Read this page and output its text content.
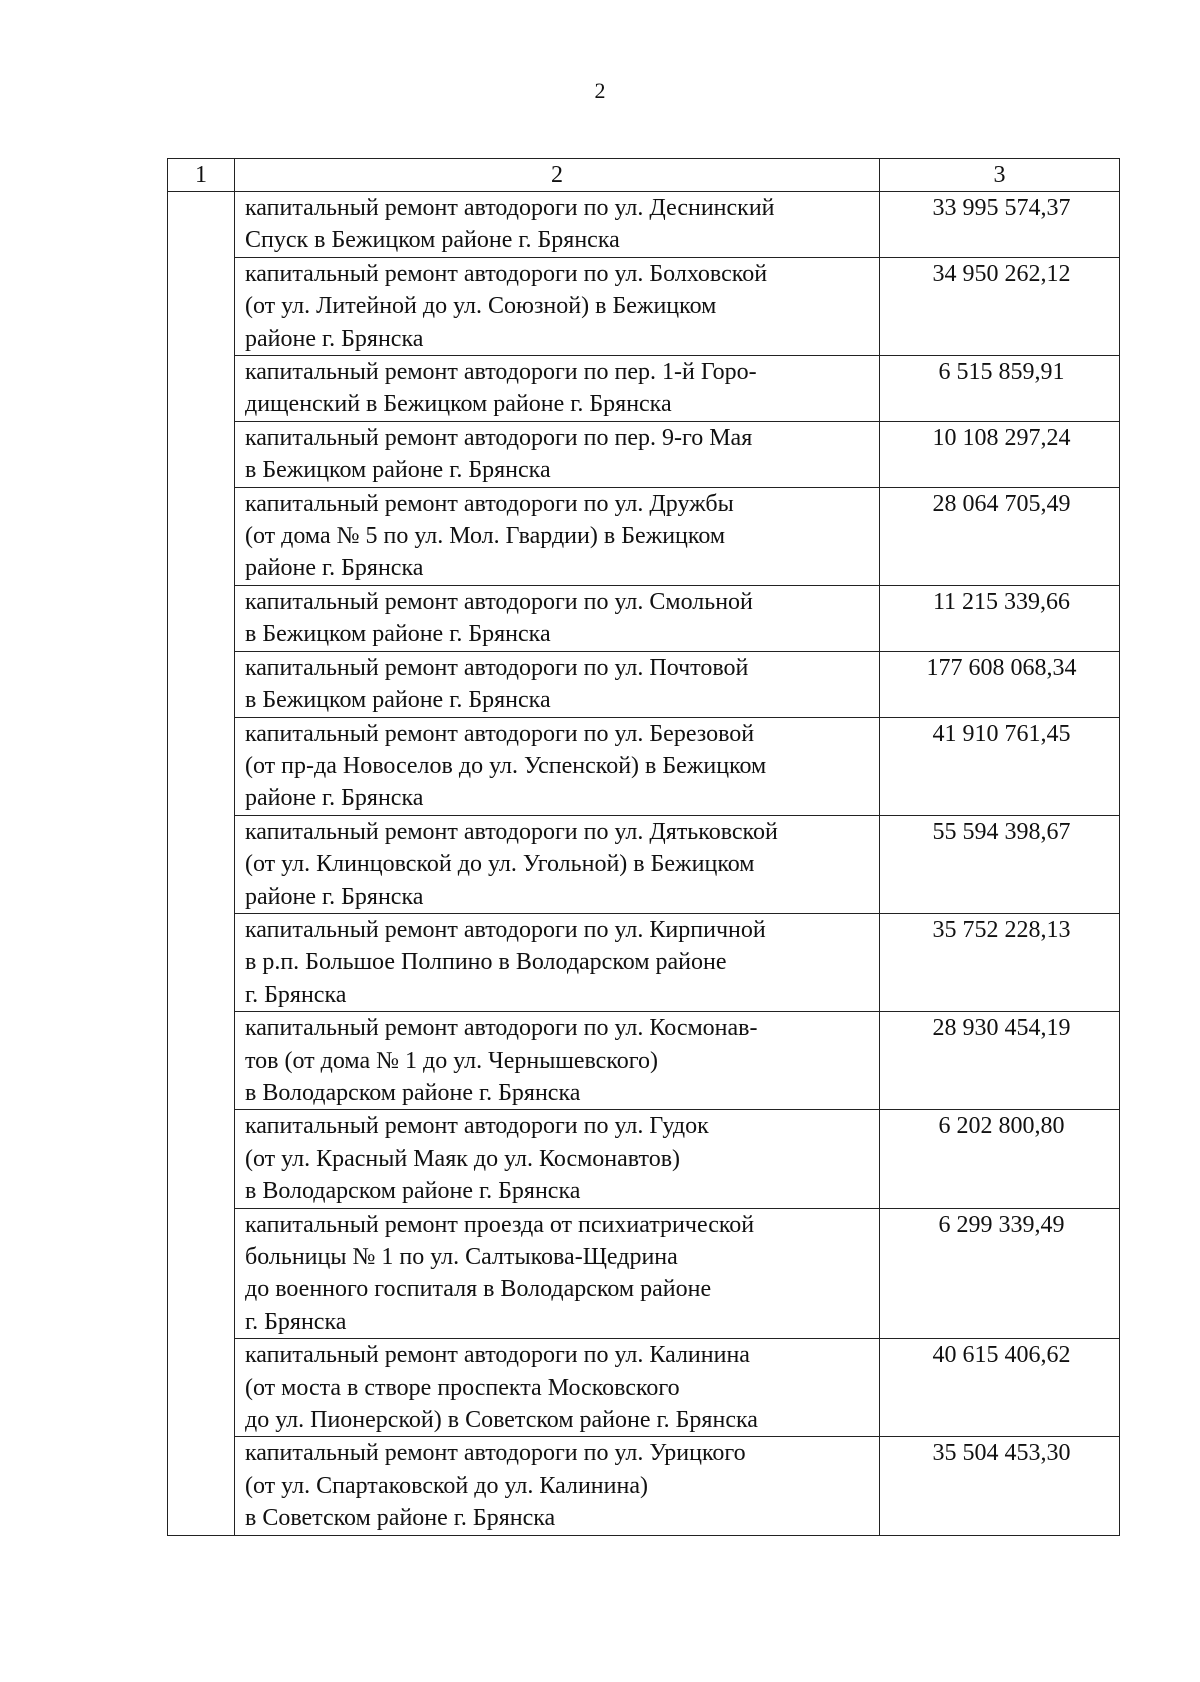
2
1	2	3

	капитальный ремонт автодороги по ул. Деснинский
Спуск в Бежицком районе г. Брянска	33 995 574,37

	капитальный ремонт автодороги по ул. Болховской
(от ул. Литейной до ул. Союзной) в Бежицком
районе г. Брянска	34 950 262,12

	капитальный ремонт автодороги по пер. 1-й Горо-
дищенский в Бежицком районе г. Брянска	6 515 859,91

	капитальный ремонт автодороги по пер. 9-го Мая
в Бежицком районе г. Брянска	10 108 297,24

	капитальный ремонт автодороги по ул. Дружбы
(от дома № 5 по ул. Мол. Гвардии) в Бежицком
районе г. Брянска	28 064 705,49

	капитальный ремонт автодороги по ул. Смольной
в Бежицком районе г. Брянска	11 215 339,66

	капитальный ремонт автодороги по ул. Почтовой
в Бежицком районе г. Брянска	177 608 068,34

	капитальный ремонт автодороги по ул. Березовой
(от пр-да Новоселов до ул. Успенской) в Бежицком
районе г. Брянска	41 910 761,45

	капитальный ремонт автодороги по ул. Дятьковской
(от ул. Клинцовской до ул. Угольной) в Бежицком
районе г. Брянска	55 594 398,67

	капитальный ремонт автодороги по ул. Кирпичной
в р.п. Большое Полпино в Володарском районе
г. Брянска	35 752 228,13

	капитальный ремонт автодороги по ул. Космонав-
тов (от дома № 1 до ул. Чернышевского)
в Володарском районе г. Брянска	28 930 454,19

	капитальный ремонт автодороги по ул. Гудок
(от ул. Красный Маяк до ул. Космонавтов)
в Володарском районе г. Брянска	6 202 800,80

	капитальный ремонт проезда от психиатрической
больницы № 1 по ул. Салтыкова-Щедрина
до военного госпиталя в Володарском районе
г. Брянска	6 299 339,49

	капитальный ремонт автодороги по ул. Калинина
(от моста в створе проспекта Московского
до ул. Пионерской) в Советском районе г. Брянска	40 615 406,62

	капитальный ремонт автодороги по ул. Урицкого
(от ул. Спартаковской до ул. Калинина)
в Советском районе г. Брянска	35 504 453,30
